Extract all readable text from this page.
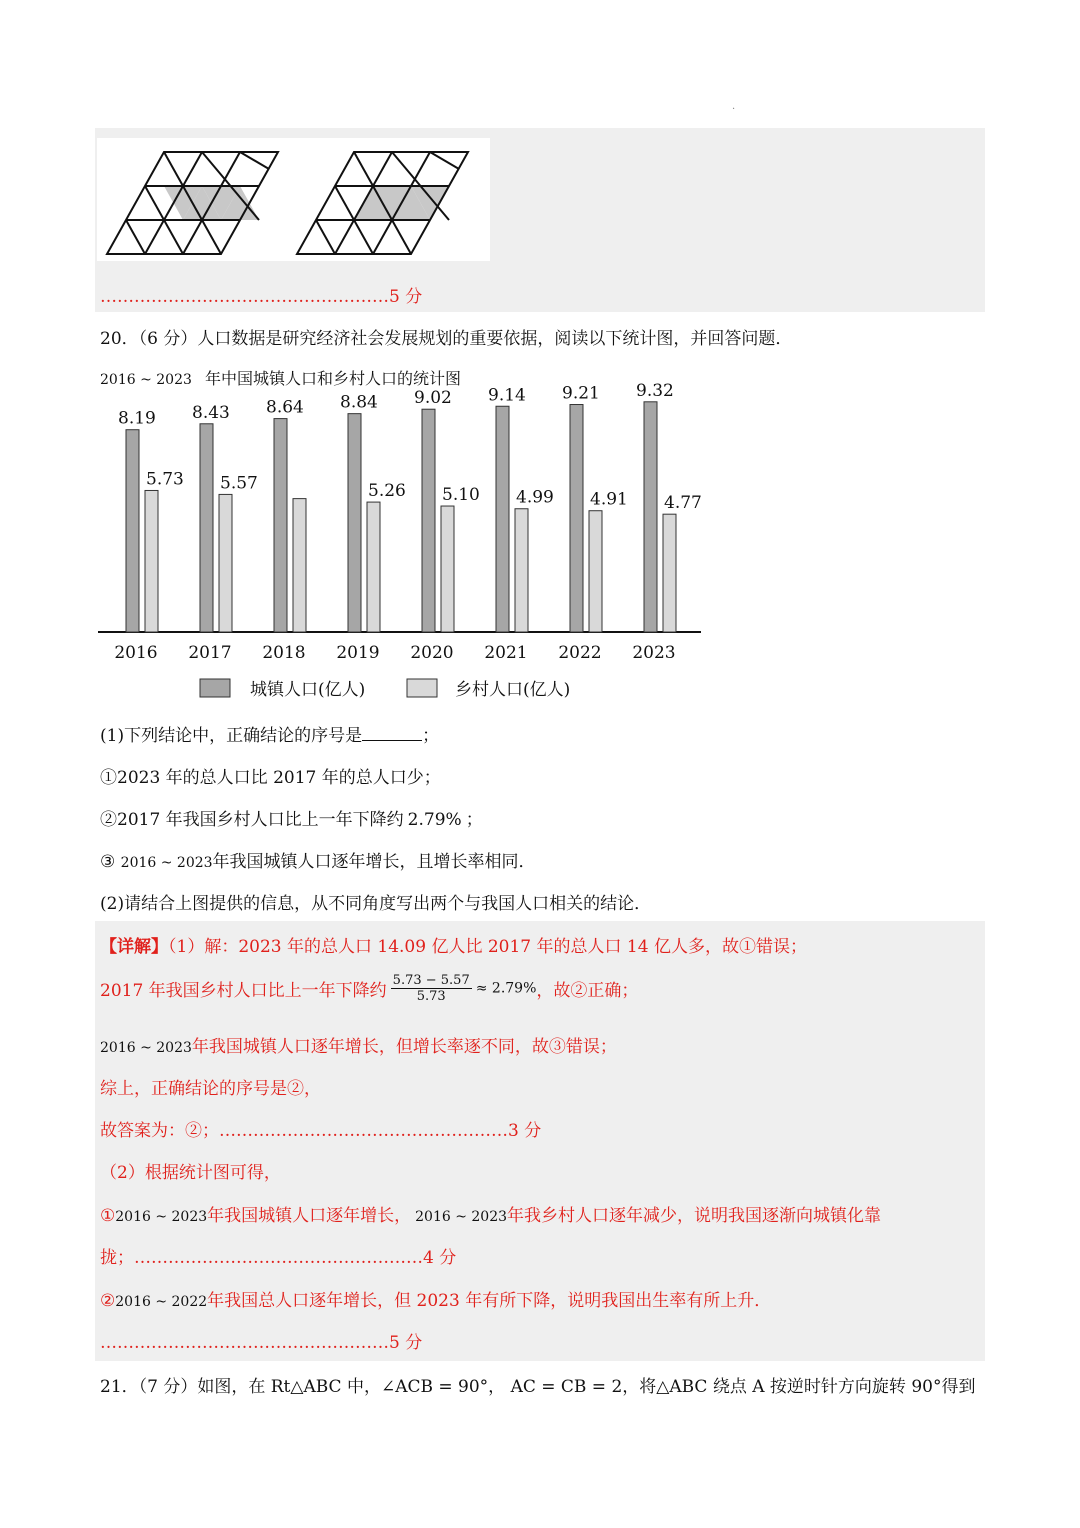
·
……………………………………………5 分
20．（6 分）人口数据是研究经济社会发展规划的重要依据，阅读以下统计图，并回答问题．
2016 ~ 2023 年中国城镇人口和乡村人口的统计图
8.19
5.73
8.43
5.57
8.64 8.84
5.26
9.02
5.10
9.14
4.99
9.21
4.91
9.32
4.77
2016 2017 2018 2019 2020 2021 2022 2023
城镇人口(亿人)	乡村人口(亿人)
(1)下列结论中，正确结论的序号是	；
①2023 年的总人口比 2017 年的总人口少；
②2017 年我国乡村人口比上一年下降约 2.79% ；
③ 2016 ~ 2023年我国城镇人口逐年增长，且增长率相同．
(2)请结合上图提供的信息，从不同角度写出两个与我国人口相关的结论．
【详解】（1）解：2023 年的总人口 14.09 亿人比 2017 年的总人口 14 亿人多，故①错误；
2017 年我国乡村人口比上一年下降约 $\frac{5.73 - 5.57}{5.73} \approx 2.79\%$，故②正确；
2016 ~ 2023年我国城镇人口逐年增长，但增长率逐不同，故③错误；
综上，正确结论的序号是②，
故答案为：②；……………………………………………3 分
（2）根据统计图可得，
①2016 ~ 2023年我国城镇人口逐年增长， 2016 ~ 2023年我乡村人口逐年减少，说明我国逐渐向城镇化靠
拢；……………………………………………4 分
②2016 ~ 2022年我国总人口逐年增长，但 2023 年有所下降，说明我国出生率有所上升．
……………………………………………5 分
21．（7 分）如图，在 Rt△ABC 中，∠ACB = 90°， AC = CB = 2，将△ABC 绕点 A 按逆时针方向旋转 90°得到
